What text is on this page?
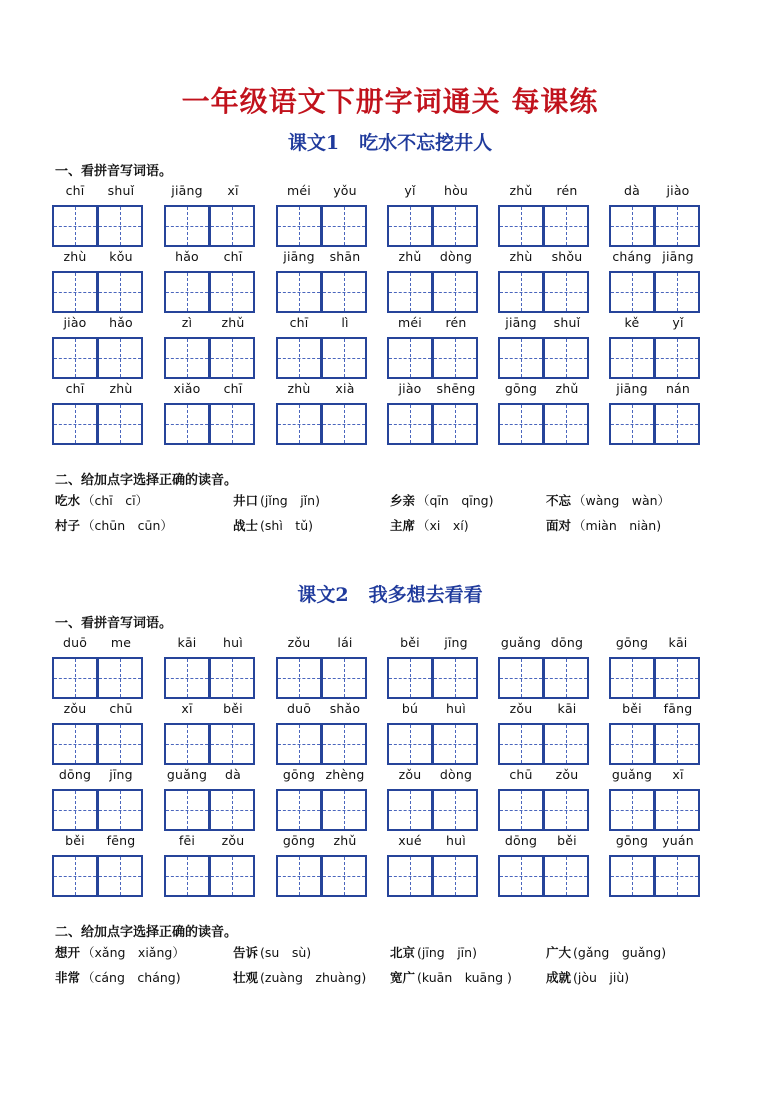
一年级语文下册字词通关 每课练
课文1 吃水不忘挖井人
一、看拼音写词语。
chī	shuǐ	jiāng	xī	méi	yǒu	yǐ	hòu	zhǔ	rén	dà	jiào
zhù	kǒu	hǎo	chī	jiāng	shān	zhǔ	dòng	zhù	shǒu	cháng jiāng
jiào	hǎo	zì	zhǔ	chī	lì	méi	rén	jiāng	shuǐ	kě	yǐ
chī	zhù	xiǎo	chī	zhù	xià	jiào	shēng	gōng	zhǔ	jiāng	nán
二、给加点字选择正确的读音。
吃水 （chī　cī）	井口 (jǐng　jǐn)	乡亲 （qīn　qīng)	不忘 （wàng　wàn）
村子 （chūn　cūn）	战士 (shì　tǔ)	主席 （xi　xí)	面对 （miàn　niàn)
课文2 我多想去看看
一、看拼音写词语。
duō	me	kāi	huì	zǒu	lái	běi	jīng	guǎng dōng	gōng	kāi
zǒu	chū	xī	běi	duō	shǎo	bú	huì	zǒu	kāi	běi	fāng
dōng	jīng	guǎng	dà	gōng zhèng	zǒu	dòng	chū	zǒu	guǎng	xī
běi	fēng	fēi	zǒu	gōng	zhǔ	xué	huì	dōng	běi	gōng	yuán
二、给加点字选择正确的读音。
想开 （xǎng　xiǎng）	告诉 (su　sù)	北京 (jīng　jīn)	广大 (gǎng　guǎng)
非常 （cáng　cháng)	壮观 (zuàng　zhuàng) 宽广 (kuān　kuāng )	成就 (jòu　jiù)
